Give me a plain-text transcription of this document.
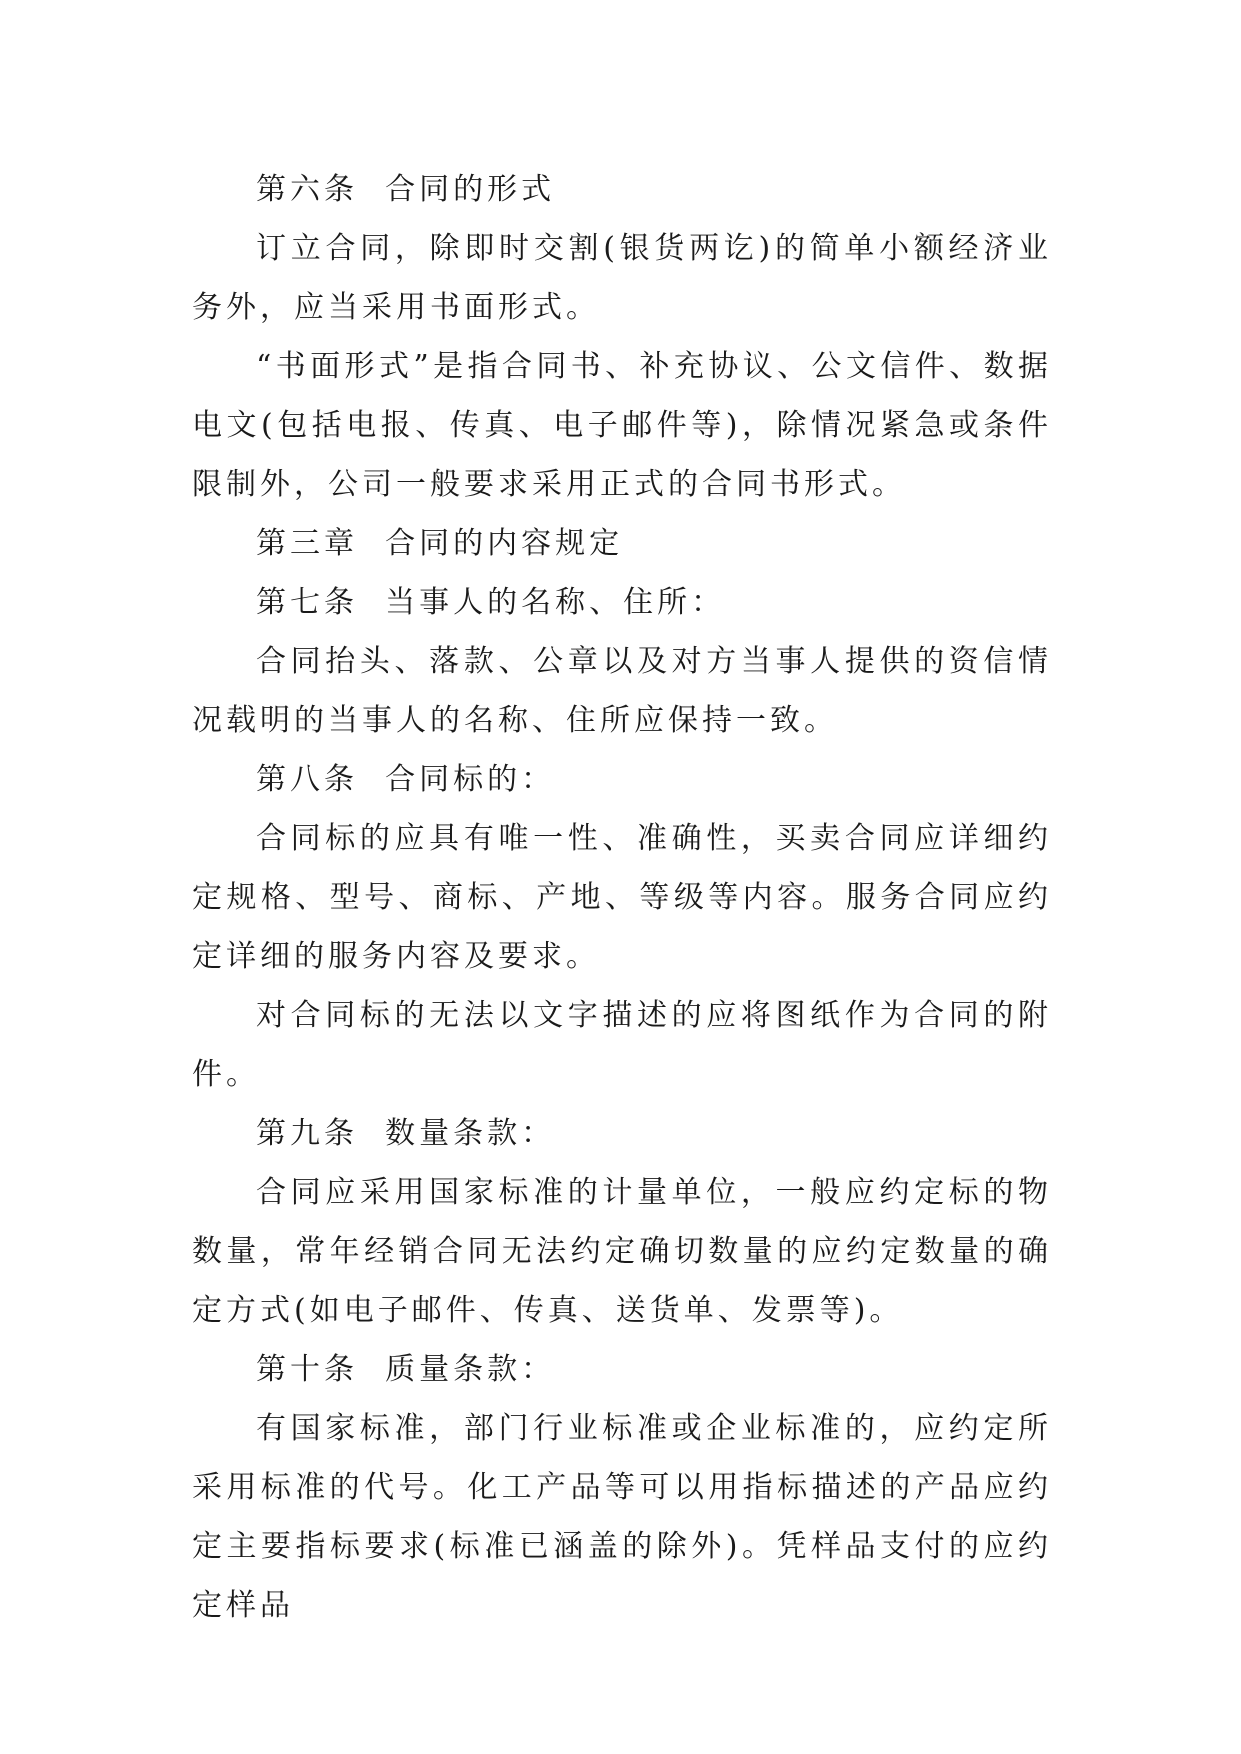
第六条  合同的形式

订立合同，除即时交割(银货两讫)的简单小额经济业务外，应当采用书面形式。

“书面形式”是指合同书、补充协议、公文信件、数据电文(包括电报、传真、电子邮件等)，除情况紧急或条件限制外，公司一般要求采用正式的合同书形式。

第三章  合同的内容规定

第七条  当事人的名称、住所：

合同抬头、落款、公章以及对方当事人提供的资信情况载明的当事人的名称、住所应保持一致。

第八条  合同标的：

合同标的应具有唯一性、准确性，买卖合同应详细约定规格、型号、商标、产地、等级等内容。服务合同应约定详细的服务内容及要求。

对合同标的无法以文字描述的应将图纸作为合同的附件。

第九条  数量条款：

合同应采用国家标准的计量单位，一般应约定标的物数量，常年经销合同无法约定确切数量的应约定数量的确定方式(如电子邮件、传真、送货单、发票等)。

第十条  质量条款：

有国家标准，部门行业标准或企业标准的，应约定所采用标准的代号。化工产品等可以用指标描述的产品应约定主要指标要求(标准已涵盖的除外)。凭样品支付的应约定样品
